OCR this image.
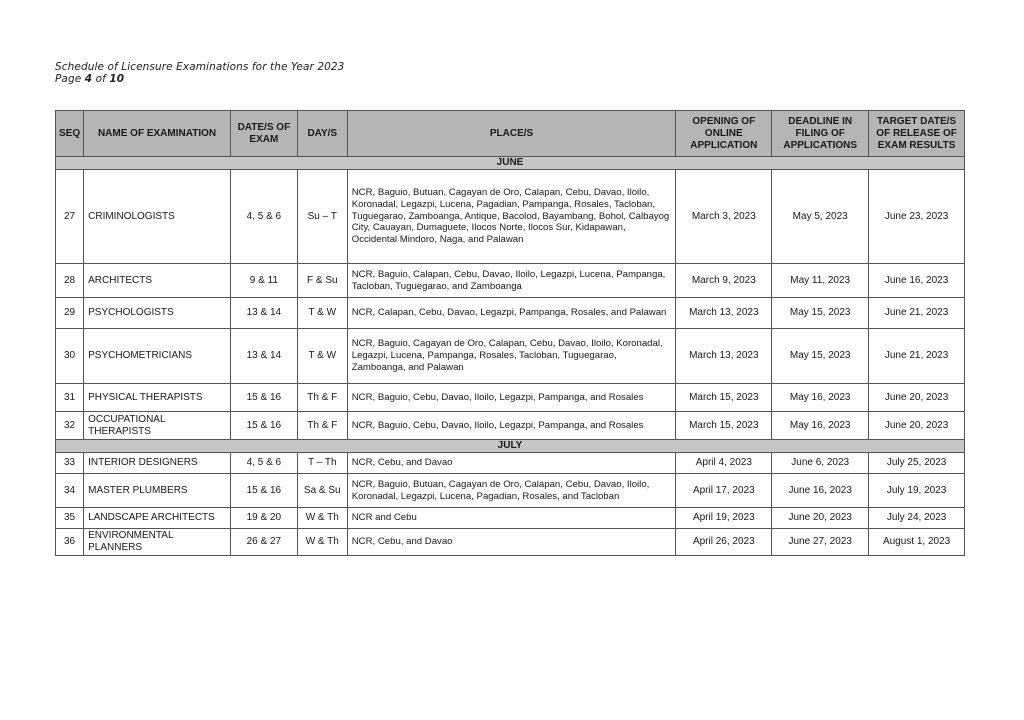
Schedule of Licensure Examinations for the Year 2023
Page 4 of 10
SEQ	NAME OF EXAMINATION	DATE/S OF EXAM	DAY/S	PLACE/S	OPENING OF ONLINE APPLICATION	DEADLINE IN FILING OF APPLICATIONS	TARGET DATE/S OF RELEASE OF EXAM RESULTS
JUNE							
27	CRIMINOLOGISTS	4, 5 & 6	Su – T	NCR, Baguio, Butuan, Cagayan de Oro, Calapan, Cebu, Davao, Iloilo, Koronadal, Legazpi, Lucena, Pagadian, Pampanga, Rosales, Tacloban, Tuguegarao, Zamboanga, Antique, Bacolod, Bayambang, Bohol, Calbayog City, Cauayan, Dumaguete, Ilocos Norte, Ilocos Sur, Kidapawan, Occidental Mindoro, Naga, and Palawan	March 3, 2023	May 5, 2023	June 23, 2023
28	ARCHITECTS	9 & 11	F & Su	NCR, Baguio, Calapan, Cebu, Davao, Iloilo, Legazpi, Lucena, Pampanga, Tacloban, Tuguegarao, and Zamboanga	March 9, 2023	May 11, 2023	June 16, 2023
29	PSYCHOLOGISTS	13 & 14	T & W	NCR, Calapan, Cebu, Davao, Legazpi, Pampanga, Rosales, and Palawan	March 13, 2023	May 15, 2023	June 21, 2023
30	PSYCHOMETRICIANS	13 & 14	T & W	NCR, Baguio, Cagayan de Oro, Calapan, Cebu, Davao, Iloilo, Koronadal, Legazpi, Lucena, Pampanga, Rosales, Tacloban, Tuguegarao, Zamboanga, and Palawan	March 13, 2023	May 15, 2023	June 21, 2023
31	PHYSICAL THERAPISTS	15 & 16	Th & F	NCR, Baguio, Cebu, Davao, Iloilo, Legazpi, Pampanga, and Rosales	March 15, 2023	May 16, 2023	June 20, 2023
32	OCCUPATIONAL THERAPISTS	15 & 16	Th & F	NCR, Baguio, Cebu, Davao, Iloilo, Legazpi, Pampanga, and Rosales	March 15, 2023	May 16, 2023	June 20, 2023
JULY							
33	INTERIOR DESIGNERS	4, 5 & 6	T – Th	NCR, Cebu, and Davao	April 4, 2023	June 6, 2023	July 25, 2023
34	MASTER PLUMBERS	15 & 16	Sa & Su	NCR, Baguio, Butuan, Cagayan de Oro, Calapan, Cebu, Davao, Iloilo, Koronadal, Legazpi, Lucena, Pagadian, Rosales, and Tacloban	April 17, 2023	June 16, 2023	July 19, 2023
35	LANDSCAPE ARCHITECTS	19 & 20	W & Th	NCR and Cebu	April 19, 2023	June 20, 2023	July 24, 2023
36	ENVIRONMENTAL PLANNERS	26 & 27	W & Th	NCR, Cebu, and Davao	April 26, 2023	June 27, 2023	August 1, 2023
